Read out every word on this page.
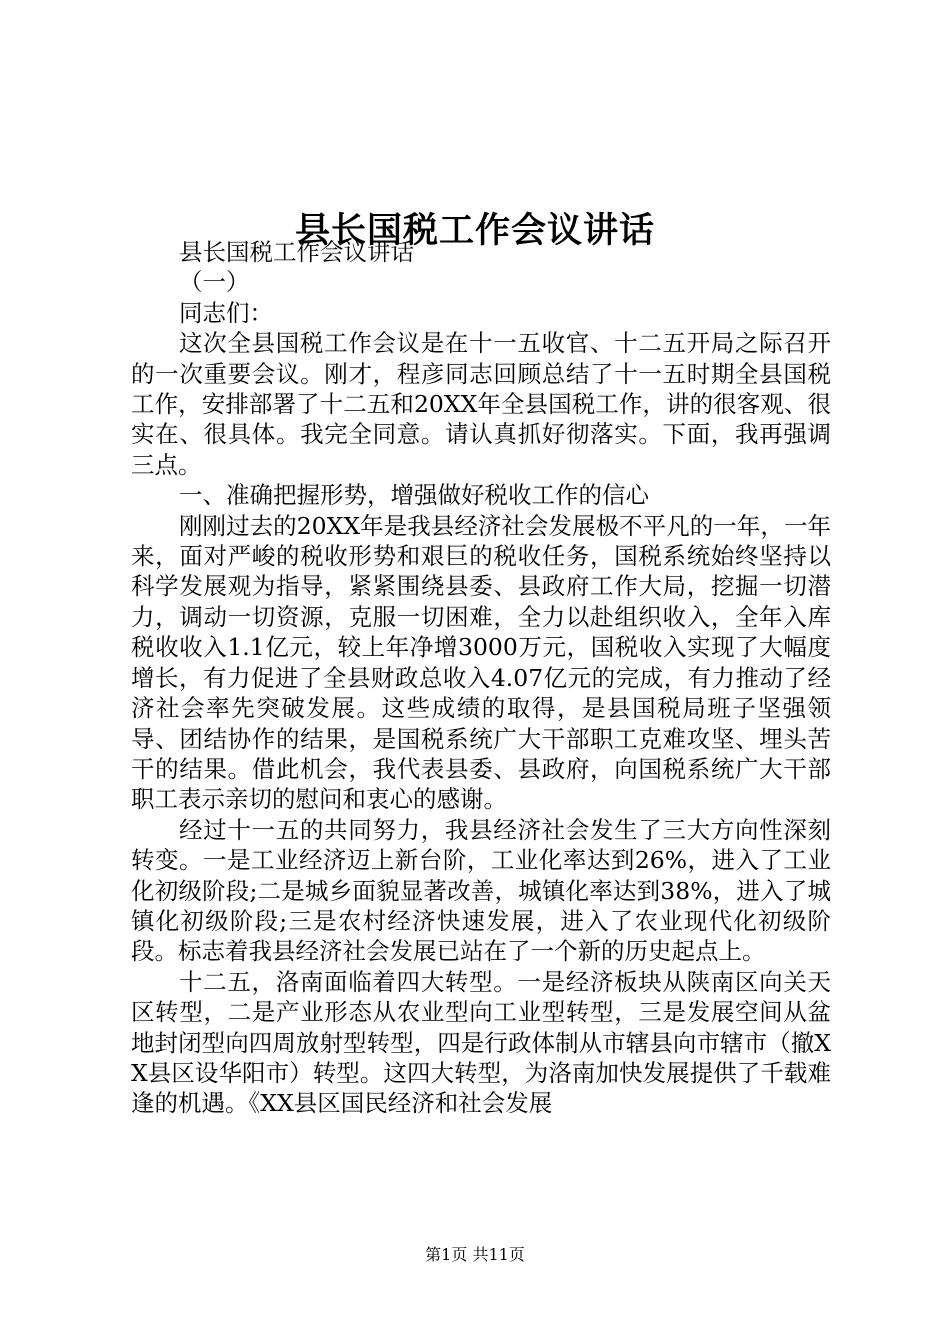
县长国税工作会议讲话

县长国税工作会议讲话

（一）

同志们：

这次全县国税工作会议是在十一五收官、十二五开局之际召开的一次重要会议。刚才，程彦同志回顾总结了十一五时期全县国税工作，安排部署了十二五和20XX年全县国税工作，讲的很客观、很实在、很具体。我完全同意。请认真抓好彻落实。下面，我再强调三点。

一、准确把握形势，增强做好税收工作的信心

刚刚过去的20XX年是我县经济社会发展极不平凡的一年，一年来，面对严峻的税收形势和艰巨的税收任务，国税系统始终坚持以科学发展观为指导，紧紧围绕县委、县政府工作大局，挖掘一切潜力，调动一切资源，克服一切困难，全力以赴组织收入，全年入库税收收入1.1亿元，较上年净增3000万元，国税收入实现了大幅度增长，有力促进了全县财政总收入4.07亿元的完成，有力推动了经济社会率先突破发展。这些成绩的取得，是县国税局班子坚强领导、团结协作的结果，是国税系统广大干部职工克难攻坚、埋头苦干的结果。借此机会，我代表县委、县政府，向国税系统广大干部职工表示亲切的慰问和衷心的感谢。

经过十一五的共同努力，我县经济社会发生了三大方向性深刻转变。一是工业经济迈上新台阶，工业化率达到26%，进入了工业化初级阶段;二是城乡面貌显著改善，城镇化率达到38%，进入了城镇化初级阶段;三是农村经济快速发展，进入了农业现代化初级阶段。标志着我县经济社会发展已站在了一个新的历史起点上。

十二五，洛南面临着四大转型。一是经济板块从陕南区向关天区转型，二是产业形态从农业型向工业型转型，三是发展空间从盆地封闭型向四周放射型转型，四是行政体制从市辖县向市辖市（撤XX县区设华阳市）转型。这四大转型，为洛南加快发展提供了千载难逢的机遇。《XX县区国民经济和社会发展

第1页 共11页
